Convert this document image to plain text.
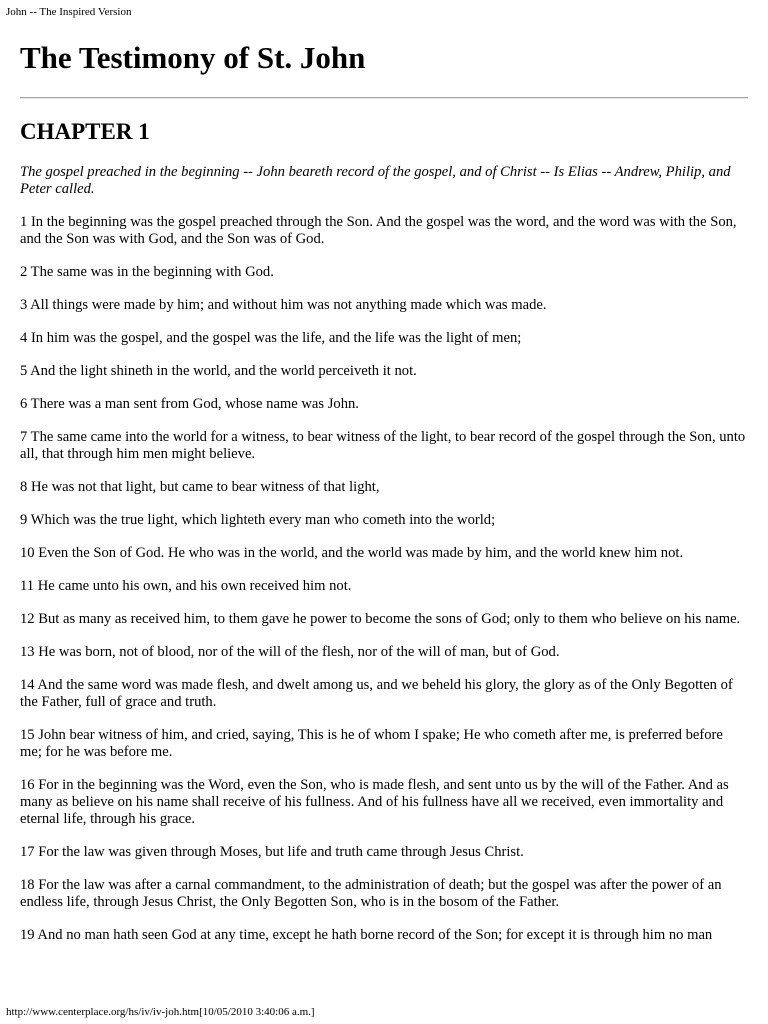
John -- The Inspired Version
The Testimony of St. John
CHAPTER 1

The gospel preached in the beginning -- John beareth record of the gospel, and of Christ -- Is Elias -- Andrew, Philip, and Peter called.

1 In the beginning was the gospel preached through the Son. And the gospel was the word, and the word was with the Son, and the Son was with God, and the Son was of God.

2 The same was in the beginning with God.

3 All things were made by him; and without him was not anything made which was made.

4 In him was the gospel, and the gospel was the life, and the life was the light of men;

5 And the light shineth in the world, and the world perceiveth it not.

6 There was a man sent from God, whose name was John.

7 The same came into the world for a witness, to bear witness of the light, to bear record of the gospel through the Son, unto all, that through him men might believe.

8 He was not that light, but came to bear witness of that light,

9 Which was the true light, which lighteth every man who cometh into the world;

10 Even the Son of God. He who was in the world, and the world was made by him, and the world knew him not.

11 He came unto his own, and his own received him not.

12 But as many as received him, to them gave he power to become the sons of God; only to them who believe on his name.

13 He was born, not of blood, nor of the will of the flesh, nor of the will of man, but of God.

14 And the same word was made flesh, and dwelt among us, and we beheld his glory, the glory as of the Only Begotten of the Father, full of grace and truth.

15 John bear witness of him, and cried, saying, This is he of whom I spake; He who cometh after me, is preferred before me; for he was before me.

16 For in the beginning was the Word, even the Son, who is made flesh, and sent unto us by the will of the Father. And as many as believe on his name shall receive of his fullness. And of his fullness have all we received, even immortality and eternal life, through his grace.

17 For the law was given through Moses, but life and truth came through Jesus Christ.

18 For the law was after a carnal commandment, to the administration of death; but the gospel was after the power of an endless life, through Jesus Christ, the Only Begotten Son, who is in the bosom of the Father.

19 And no man hath seen God at any time, except he hath borne record of the Son; for except it is through him no man

http://www.centerplace.org/hs/iv/iv-joh.htm[10/05/2010 3:40:06 a.m.]
